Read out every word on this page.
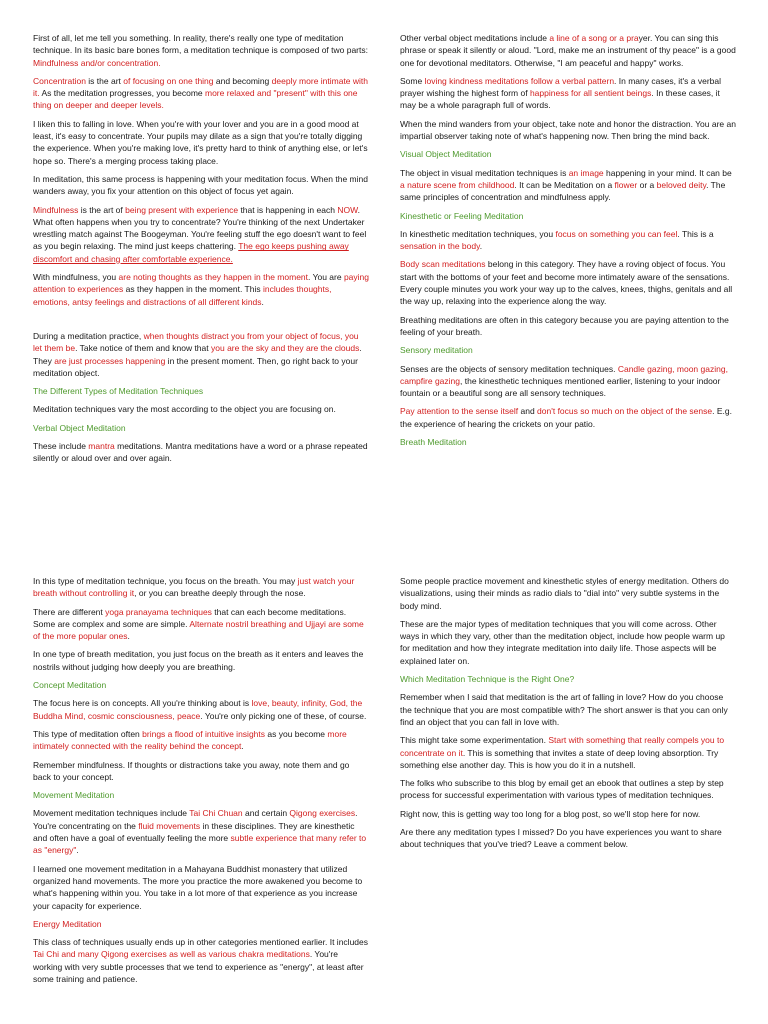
First of all, let me tell you something. In reality, there's really one type of meditation technique. In its basic bare bones form, a meditation technique is composed of two parts: Mindfulness and/or concentration.

Concentration is the art of focusing on one thing and becoming deeply more intimate with it. As the meditation progresses, you become more relaxed and "present" with this one thing on deeper and deeper levels.

I liken this to falling in love. When you're with your lover and you are in a good mood at least, it's easy to concentrate. Your pupils may dilate as a sign that you're totally digging the experience. When you're making love, it's pretty hard to think of anything else, or let's hope so. There's a merging process taking place.

In meditation, this same process is happening with your meditation focus. When the mind wanders away, you fix your attention on this object of focus yet again.

Mindfulness is the art of being present with experience that is happening in each NOW. What often happens when you try to concentrate? You're thinking of the next Undertaker wrestling match against The Boogeyman. You're feeling stuff the ego doesn't want to feel as you begin relaxing. The mind just keeps chattering. The ego keeps pushing away discomfort and chasing after comfortable experience.

With mindfulness, you are noting thoughts as they happen in the moment. You are paying attention to experiences as they happen in the moment. This includes thoughts, emotions, antsy feelings and distractions of all different kinds.

During a meditation practice, when thoughts distract you from your object of focus, you let them be. Take notice of them and know that you are the sky and they are the clouds. They are just processes happening in the present moment. Then, go right back to your meditation object.

The Different Types of Meditation Techniques

Meditation techniques vary the most according to the object you are focusing on.

Verbal Object Meditation

These include mantra meditations. Mantra meditations have a word or a phrase repeated silently or aloud over and over again.

Other verbal object meditations include a line of a song or a prayer. You can sing this phrase or speak it silently or aloud. "Lord, make me an instrument of thy peace" is a good one for devotional meditators. Otherwise, "I am peaceful and happy" works.

Some loving kindness meditations follow a verbal pattern. In many cases, it's a verbal prayer wishing the highest form of happiness for all sentient beings. In these cases, it may be a whole paragraph full of words.

When the mind wanders from your object, take note and honor the distraction. You are an impartial observer taking note of what's happening now. Then bring the mind back.

Visual Object Meditation

The object in visual meditation techniques is an image happening in your mind. It can be a nature scene from childhood. It can be Meditation on a flower or a beloved deity. The same principles of concentration and mindfulness apply.

Kinesthetic or Feeling Meditation

In kinesthetic meditation techniques, you focus on something you can feel. This is a sensation in the body.

Body scan meditations belong in this category. They have a roving object of focus. You start with the bottoms of your feet and become more intimately aware of the sensations. Every couple minutes you work your way up to the calves, knees, thighs, genitals and all the way up, relaxing into the experience along the way.

Breathing meditations are often in this category because you are paying attention to the feeling of your breath.

Sensory meditation

Senses are the objects of sensory meditation techniques. Candle gazing, moon gazing, campfire gazing, the kinesthetic techniques mentioned earlier, listening to your indoor fountain or a beautiful song are all sensory techniques.

Pay attention to the sense itself and don't focus so much on the object of the sense. E.g. the experience of hearing the crickets on your patio.

Breath Meditation

In this type of meditation technique, you focus on the breath. You may just watch your breath without controlling it, or you can breathe deeply through the nose.

There are different yoga pranayama techniques that can each become meditations. Some are complex and some are simple. Alternate nostril breathing and Ujjayi are some of the more popular ones.

In one type of breath meditation, you just focus on the breath as it enters and leaves the nostrils without judging how deeply you are breathing.

Concept Meditation

The focus here is on concepts. All you're thinking about is love, beauty, infinity, God, the Buddha Mind, cosmic consciousness, peace. You're only picking one of these, of course.

This type of meditation often brings a flood of intuitive insights as you become more intimately connected with the reality behind the concept.

Remember mindfulness. If thoughts or distractions take you away, note them and go back to your concept.

Movement Meditation

Movement meditation techniques include Tai Chi Chuan and certain Qigong exercises. You're concentrating on the fluid movements in these disciplines. They are kinesthetic and often have a goal of eventually feeling the more subtle experience that many refer to as "energy".

I learned one movement meditation in a Mahayana Buddhist monastery that utilized organized hand movements. The more you practice the more awakened you become to what's happening within you. You take in a lot more of that experience as you increase your capacity for experience.

Energy Meditation

This class of techniques usually ends up in other categories mentioned earlier. It includes Tai Chi and many Qigong exercises as well as various chakra meditations. You're working with very subtle processes that we tend to experience as "energy", at least after some training and patience.

Some people practice movement and kinesthetic styles of energy meditation. Others do visualizations, using their minds as radio dials to "dial into" very subtle systems in the body mind.

These are the major types of meditation techniques that you will come across. Other ways in which they vary, other than the meditation object, include how people warm up for meditation and how they integrate meditation into daily life. Those aspects will be explained later on.

Which Meditation Technique is the Right One?

Remember when I said that meditation is the art of falling in love? How do you choose the technique that you are most compatible with? The short answer is that you can only find an object that you can fall in love with.

This might take some experimentation. Start with something that really compels you to concentrate on it. This is something that invites a state of deep loving absorption. Try something else another day. This is how you do it in a nutshell.

The folks who subscribe to this blog by email get an ebook that outlines a step by step process for successful experimentation with various types of meditation techniques.

Right now, this is getting way too long for a blog post, so we'll stop here for now.

Are there any meditation types I missed? Do you have experiences you want to share about techniques that you've tried? Leave a comment below.
